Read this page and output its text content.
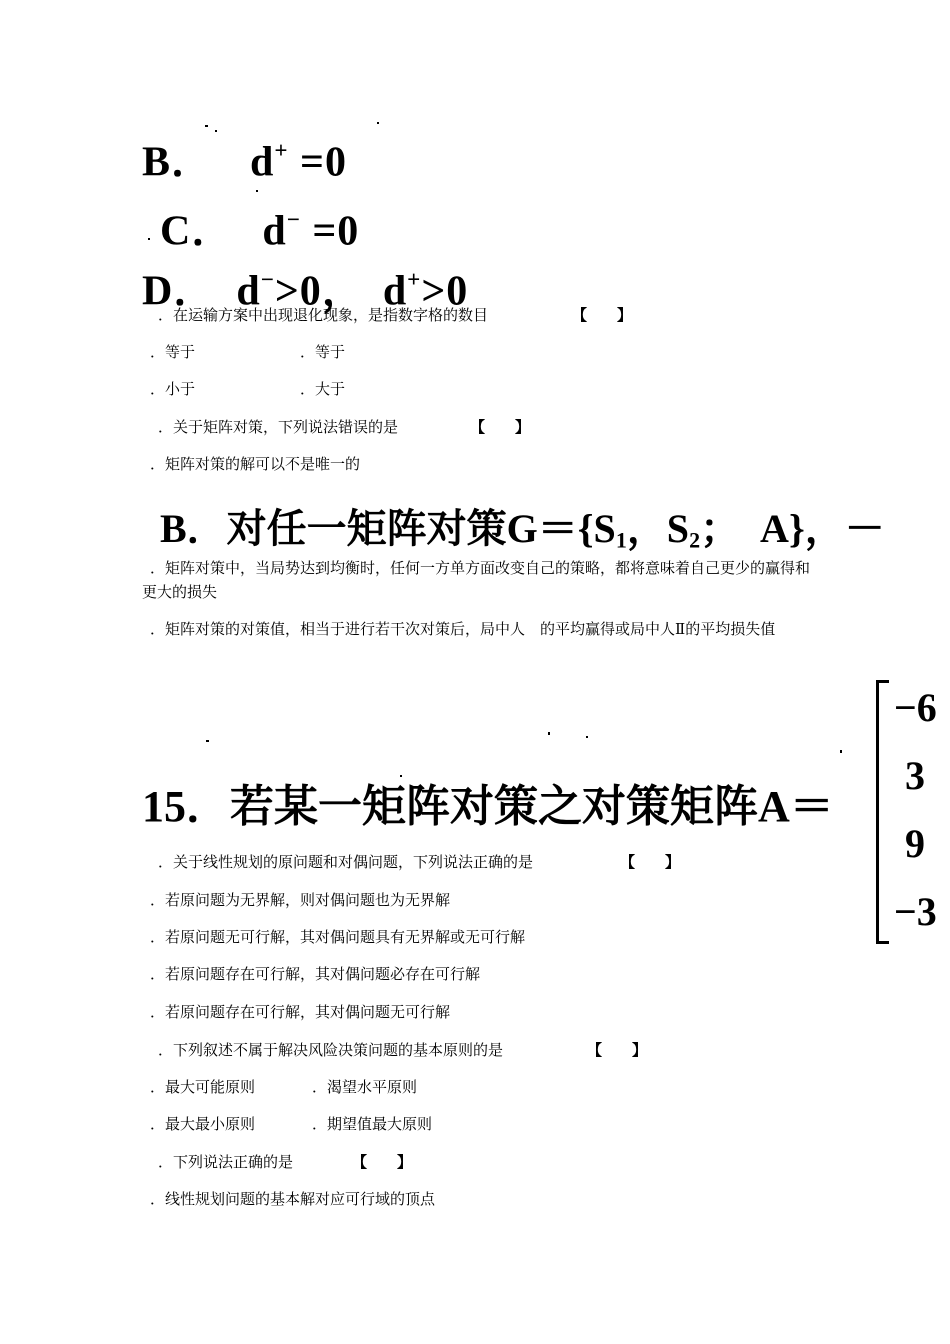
B． d+ =0
C． d− =0
D． d−>0， d+>0
．在运输方案中出现退化现象，是指数字格的数目	【　　】
．等于	．等于
．小于	．大于
．关于矩阵对策，下列说法错误的是	【　　】
．矩阵对策的解可以不是唯一的
B．对任一矩阵对策$G=\{S_1$，$S_2$；　A}，－
．矩阵对策中，当局势达到均衡时，任何一方单方面改变自己的策略，都将意味着自己更少的赢得和更大的损失
．矩阵对策的对策值，相当于进行若干次对策后，局中人　的平均赢得或局中人Ⅱ的平均损失值
15．若某一矩阵对策之对策矩阵A＝
−6
3
9
−3
．关于线性规划的原问题和对偶问题，下列说法正确的是	【　　】
．若原问题为无界解，则对偶问题也为无界解
．若原问题无可行解，其对偶问题具有无界解或无可行解
．若原问题存在可行解，其对偶问题必存在可行解
．若原问题存在可行解，其对偶问题无可行解
．下列叙述不属于解决风险决策问题的基本原则的是	【　　】
．最大可能原则	．渴望水平原则
．最大最小原则	．期望值最大原则
．下列说法正确的是	【　　】
．线性规划问题的基本解对应可行域的顶点
